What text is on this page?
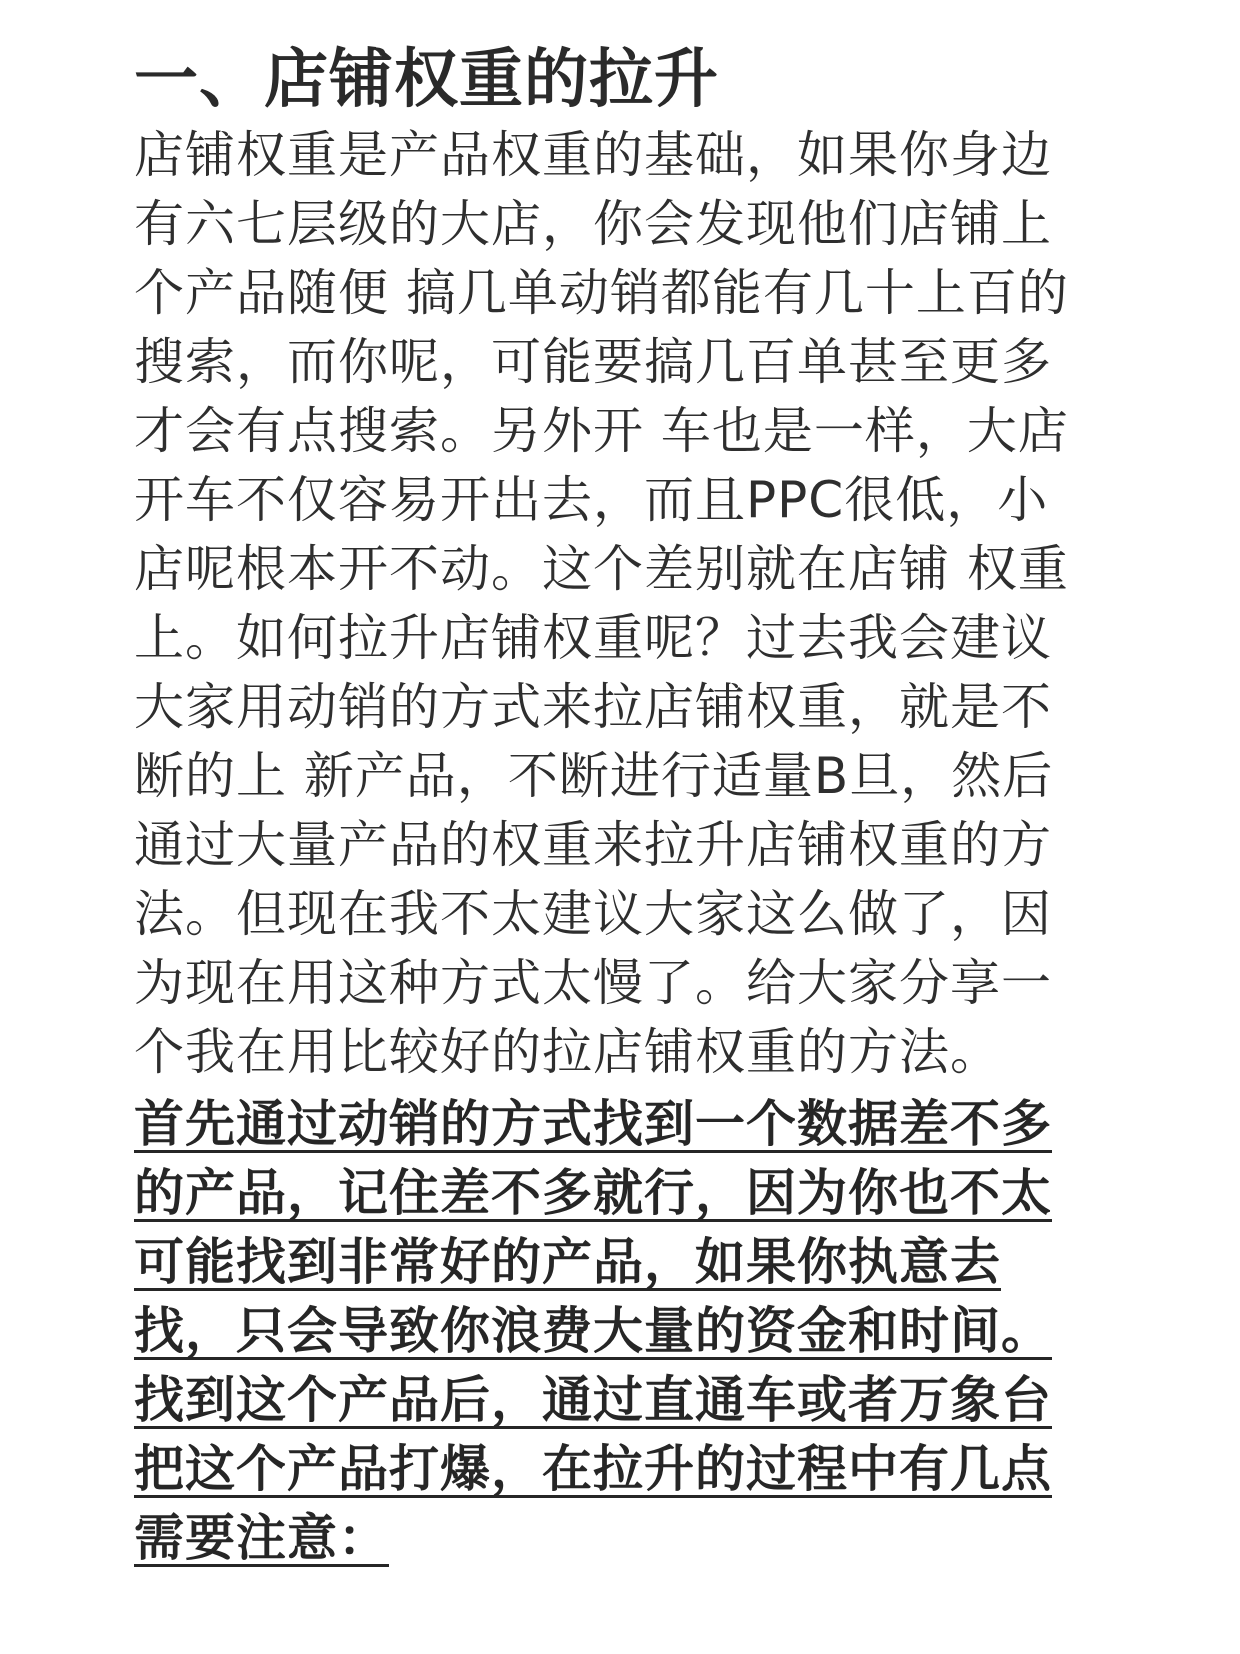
一、店铺权重的拉升
店铺权重是产品权重的基础，如果你身边
有六七层级的大店，你会发现他们店铺上
个产品随便 搞几单动销都能有几十上百的
搜索，而你呢，可能要搞几百单甚至更多
才会有点搜索。另外开 车也是一样，大店
开车不仅容易开出去，而且PPC很低，小
店呢根本开不动。这个差别就在店铺 权重
上。如何拉升店铺权重呢？过去我会建议
大家用动销的方式来拉店铺权重，就是不
断的上 新产品，不断进行适量B旦，然后
通过大量产品的权重来拉升店铺权重的方
法。但现在我不太建议大家这么做了，因
为现在用这种方式太慢了。给大家分享一
个我在用比较好的拉店铺权重的方法。
首先通过动销的方式找到一个数据差不多
的产品，记住差不多就行，因为你也不太
可能找到非常好的产品，如果你执意去
找，只会导致你浪费大量的资金和时间。
找到这个产品后，通过直通车或者万象台
把这个产品打爆，在拉升的过程中有几点
需要注意：
